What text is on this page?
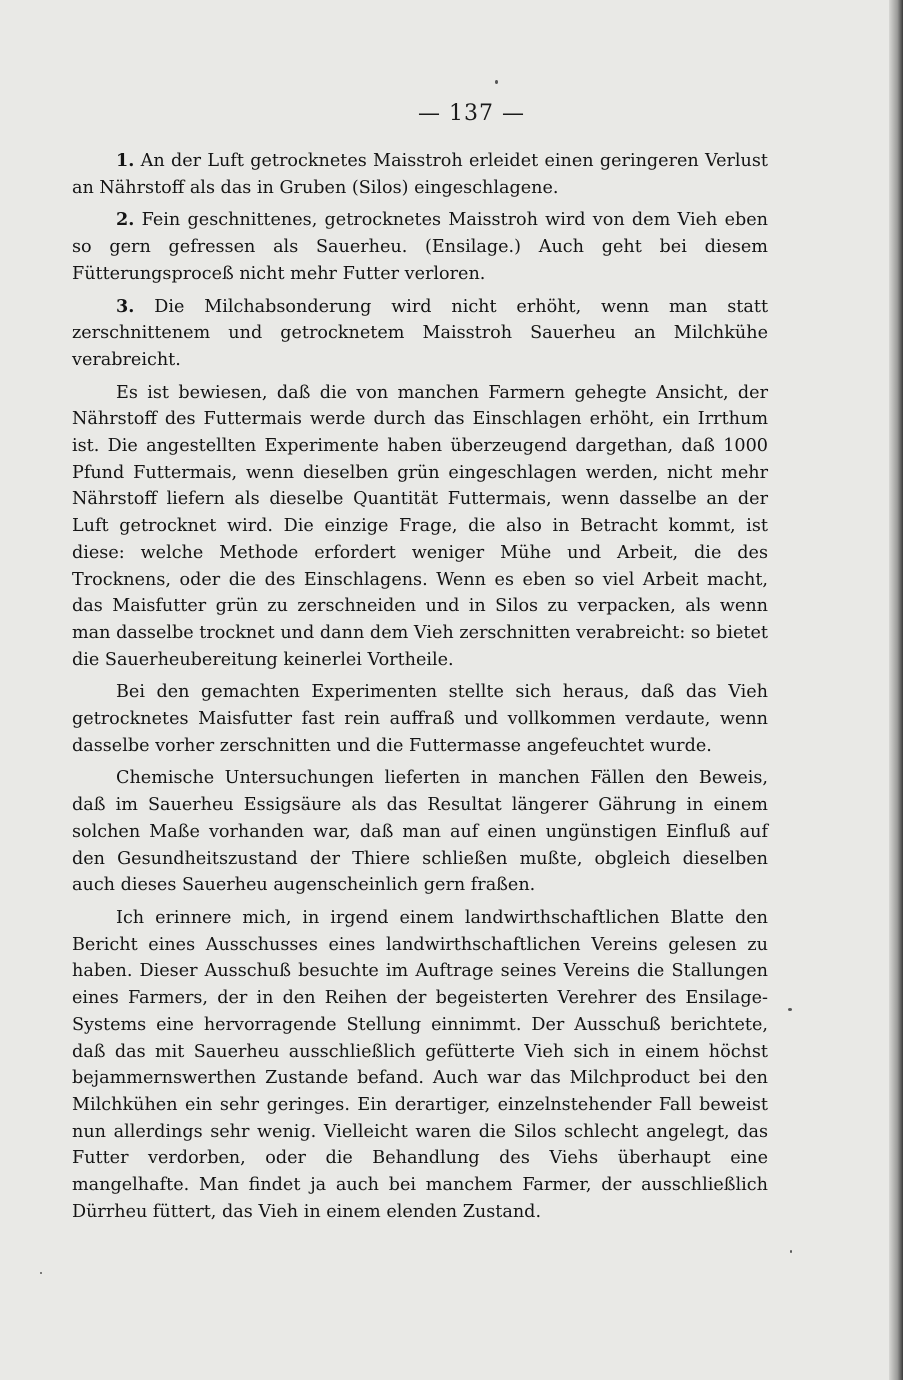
— 137 —

1. An der Luft getrocknetes Maisstroh erleidet einen geringeren Verlust an Nährstoff als das in Gruben (Silos) eingeschlagene.

2. Fein geschnittenes, getrocknetes Maisstroh wird von dem Vieh eben so gern gefressen als Sauerheu. (Ensilage.) Auch geht bei diesem Fütterungsproceß nicht mehr Futter verloren.

3. Die Milchabsonderung wird nicht erhöht, wenn man statt zerschnittenem und getrocknetem Maisstroh Sauerheu an Milchkühe verabreicht.

Es ist bewiesen, daß die von manchen Farmern gehegte Ansicht, der Nährstoff des Futtermais werde durch das Einschlagen erhöht, ein Irrthum ist. Die angestellten Experimente haben überzeugend dargethan, daß 1000 Pfund Futtermais, wenn dieselben grün eingeschlagen werden, nicht mehr Nährstoff liefern als dieselbe Quantität Futtermais, wenn dasselbe an der Luft getrocknet wird. Die einzige Frage, die also in Betracht kommt, ist diese: welche Methode erfordert weniger Mühe und Arbeit, die des Trocknens, oder die des Einschlagens. Wenn es eben so viel Arbeit macht, das Maisfutter grün zu zerschneiden und in Silos zu verpacken, als wenn man dasselbe trocknet und dann dem Vieh zerschnitten verabreicht: so bietet die Sauerheubereitung keinerlei Vortheile.

Bei den gemachten Experimenten stellte sich heraus, daß das Vieh getrocknetes Maisfutter fast rein auffraß und vollkommen verdaute, wenn dasselbe vorher zerschnitten und die Futtermasse angefeuchtet wurde.

Chemische Untersuchungen lieferten in manchen Fällen den Beweis, daß im Sauerheu Essigsäure als das Resultat längerer Gährung in einem solchen Maße vorhanden war, daß man auf einen ungünstigen Einfluß auf den Gesundheitszustand der Thiere schließen mußte, obgleich dieselben auch dieses Sauerheu augenscheinlich gern fraßen.

Ich erinnere mich, in irgend einem landwirthschaftlichen Blatte den Bericht eines Ausschusses eines landwirthschaftlichen Vereins gelesen zu haben. Dieser Ausschuß besuchte im Auftrage seines Vereins die Stallungen eines Farmers, der in den Reihen der begeisterten Verehrer des Ensilage-Systems eine hervorragende Stellung einnimmt. Der Ausschuß berichtete, daß das mit Sauerheu ausschließlich gefütterte Vieh sich in einem höchst bejammernswerthen Zustande befand. Auch war das Milchproduct bei den Milchkühen ein sehr geringes. Ein derartiger, einzelnstehender Fall beweist nun allerdings sehr wenig. Vielleicht waren die Silos schlecht angelegt, das Futter verdorben, oder die Behandlung des Viehs überhaupt eine mangelhafte. Man findet ja auch bei manchem Farmer, der ausschließlich Dürrheu füttert, das Vieh in einem elenden Zustand.
